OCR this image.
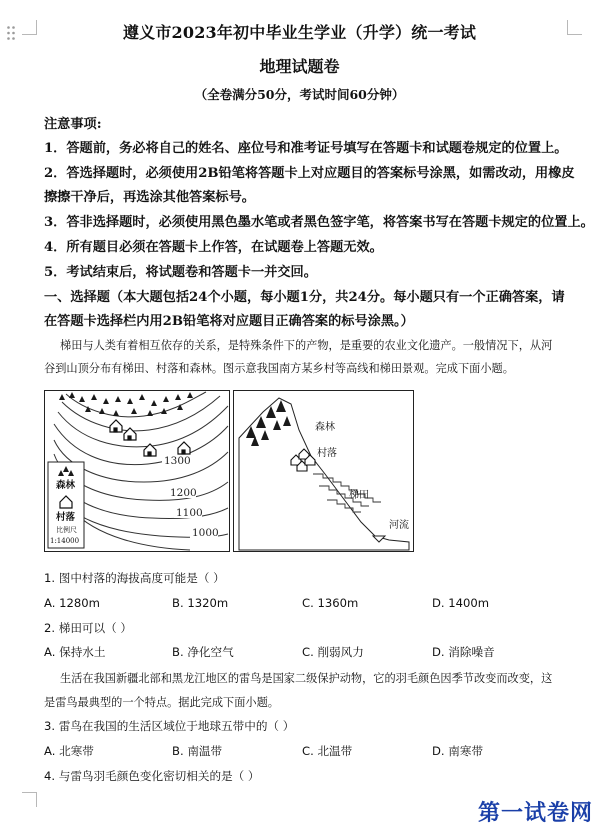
遵义市2023年初中毕业生学业（升学）统一考试
地理试题卷
（全卷满分50分，考试时间60分钟）
注意事项:
1．答题前，务必将自己的姓名、座位号和准考证号填写在答题卡和试题卷规定的位置上。
2．答选择题时，必须使用2B铅笔将答题卡上对应题目的答案标号涂黑，如需改动，用橡皮
擦擦干净后，再选涂其他答案标号。
3．答非选择题时，必须使用黑色墨水笔或者黑色签字笔，将答案书写在答题卡规定的位置上。
4．所有题目必须在答题卡上作答，在试题卷上答题无效。
5．考试结束后，将试题卷和答题卡一并交回。
一、选择题（本大题包括24个小题，每小题1分，共24分。每小题只有一个正确答案，请
在答题卡选择栏内用2B铅笔将对应题目正确答案的标号涂黑。）
梯田与人类有着相互依存的关系，是特殊条件下的产物，是重要的农业文化遗产。一般情况下，从河
谷到山顶分布有梯田、村落和森林。图示意我国南方某乡村等高线和梯田景观。完成下面小题。
1300
1200
1100
1000
森林
村落
比例尺
1:14000
森林
村落
梯田
河流
1. 图中村落的海拔高度可能是（ ）
A. 1280m	B. 1320m	C. 1360m	D. 1400m
2. 梯田可以（ ）
A. 保持水土	B. 净化空气	C. 削弱风力	D. 消除噪音
生活在我国新疆北部和黑龙江地区的雷鸟是国家二级保护动物，它的羽毛颜色因季节改变而改变，这
是雷鸟最典型的一个特点。据此完成下面小题。
3. 雷鸟在我国的生活区域位于地球五带中的（ ）
A. 北寒带	B. 南温带	C. 北温带	D. 南寒带
4. 与雷鸟羽毛颜色变化密切相关的是（ ）
第一试卷网
